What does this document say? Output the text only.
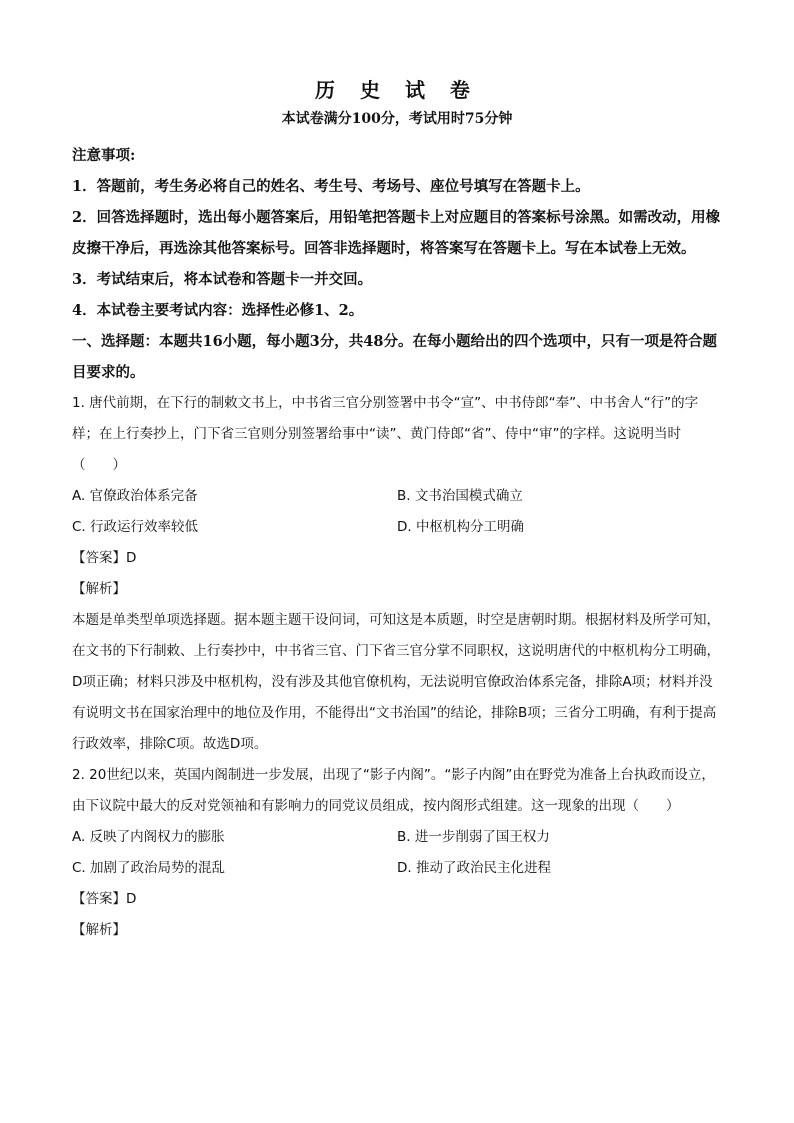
历 史 试 卷
本试卷满分100分，考试用时75分钟

注意事项:

1．答题前，考生务必将自己的姓名、考生号、考场号、座位号填写在答题卡上。

2．回答选择题时，选出每小题答案后，用铅笔把答题卡上对应题目的答案标号涂黑。如需改动，用橡皮擦干净后，再选涂其他答案标号。回答非选择题时，将答案写在答题卡上。写在本试卷上无效。

3．考试结束后，将本试卷和答题卡一并交回。

4．本试卷主要考试内容：选择性必修1、2。

一、选择题：本题共16小题，每小题3分，共48分。在每小题给出的四个选项中，只有一项是符合题目要求的。

1. 唐代前期，在下行的制敕文书上，中书省三官分别签署中书令“宣”、中书侍郎“奉”、中书舍人“行”的字样；在上行奏抄上，门下省三官则分别签署给事中“读”、黄门侍郎“省”、侍中“审”的字样。这说明当时（　　）

A. 官僚政治体系完备	B. 文书治国模式确立
C. 行政运行效率较低	D. 中枢机构分工明确

【答案】D

【解析】

本题是单类型单项选择题。据本题主题干设问词，可知这是本质题，时空是唐朝时期。根据材料及所学可知，在文书的下行制敕、上行奏抄中，中书省三官、门下省三官分掌不同职权，这说明唐代的中枢机构分工明确，D项正确；材料只涉及中枢机构，没有涉及其他官僚机构，无法说明官僚政治体系完备，排除A项；材料并没有说明文书在国家治理中的地位及作用，不能得出“文书治国”的结论，排除B项；三省分工明确，有利于提高行政效率，排除C项。故选D项。

2. 20世纪以来，英国内阁制进一步发展，出现了“影子内阁”。“影子内阁”由在野党为准备上台执政而设立，由下议院中最大的反对党领袖和有影响力的同党议员组成，按内阁形式组建。这一现象的出现（　　）

A. 反映了内阁权力的膨胀	B. 进一步削弱了国王权力
C. 加剧了政治局势的混乱	D. 推动了政治民主化进程

【答案】D

【解析】
